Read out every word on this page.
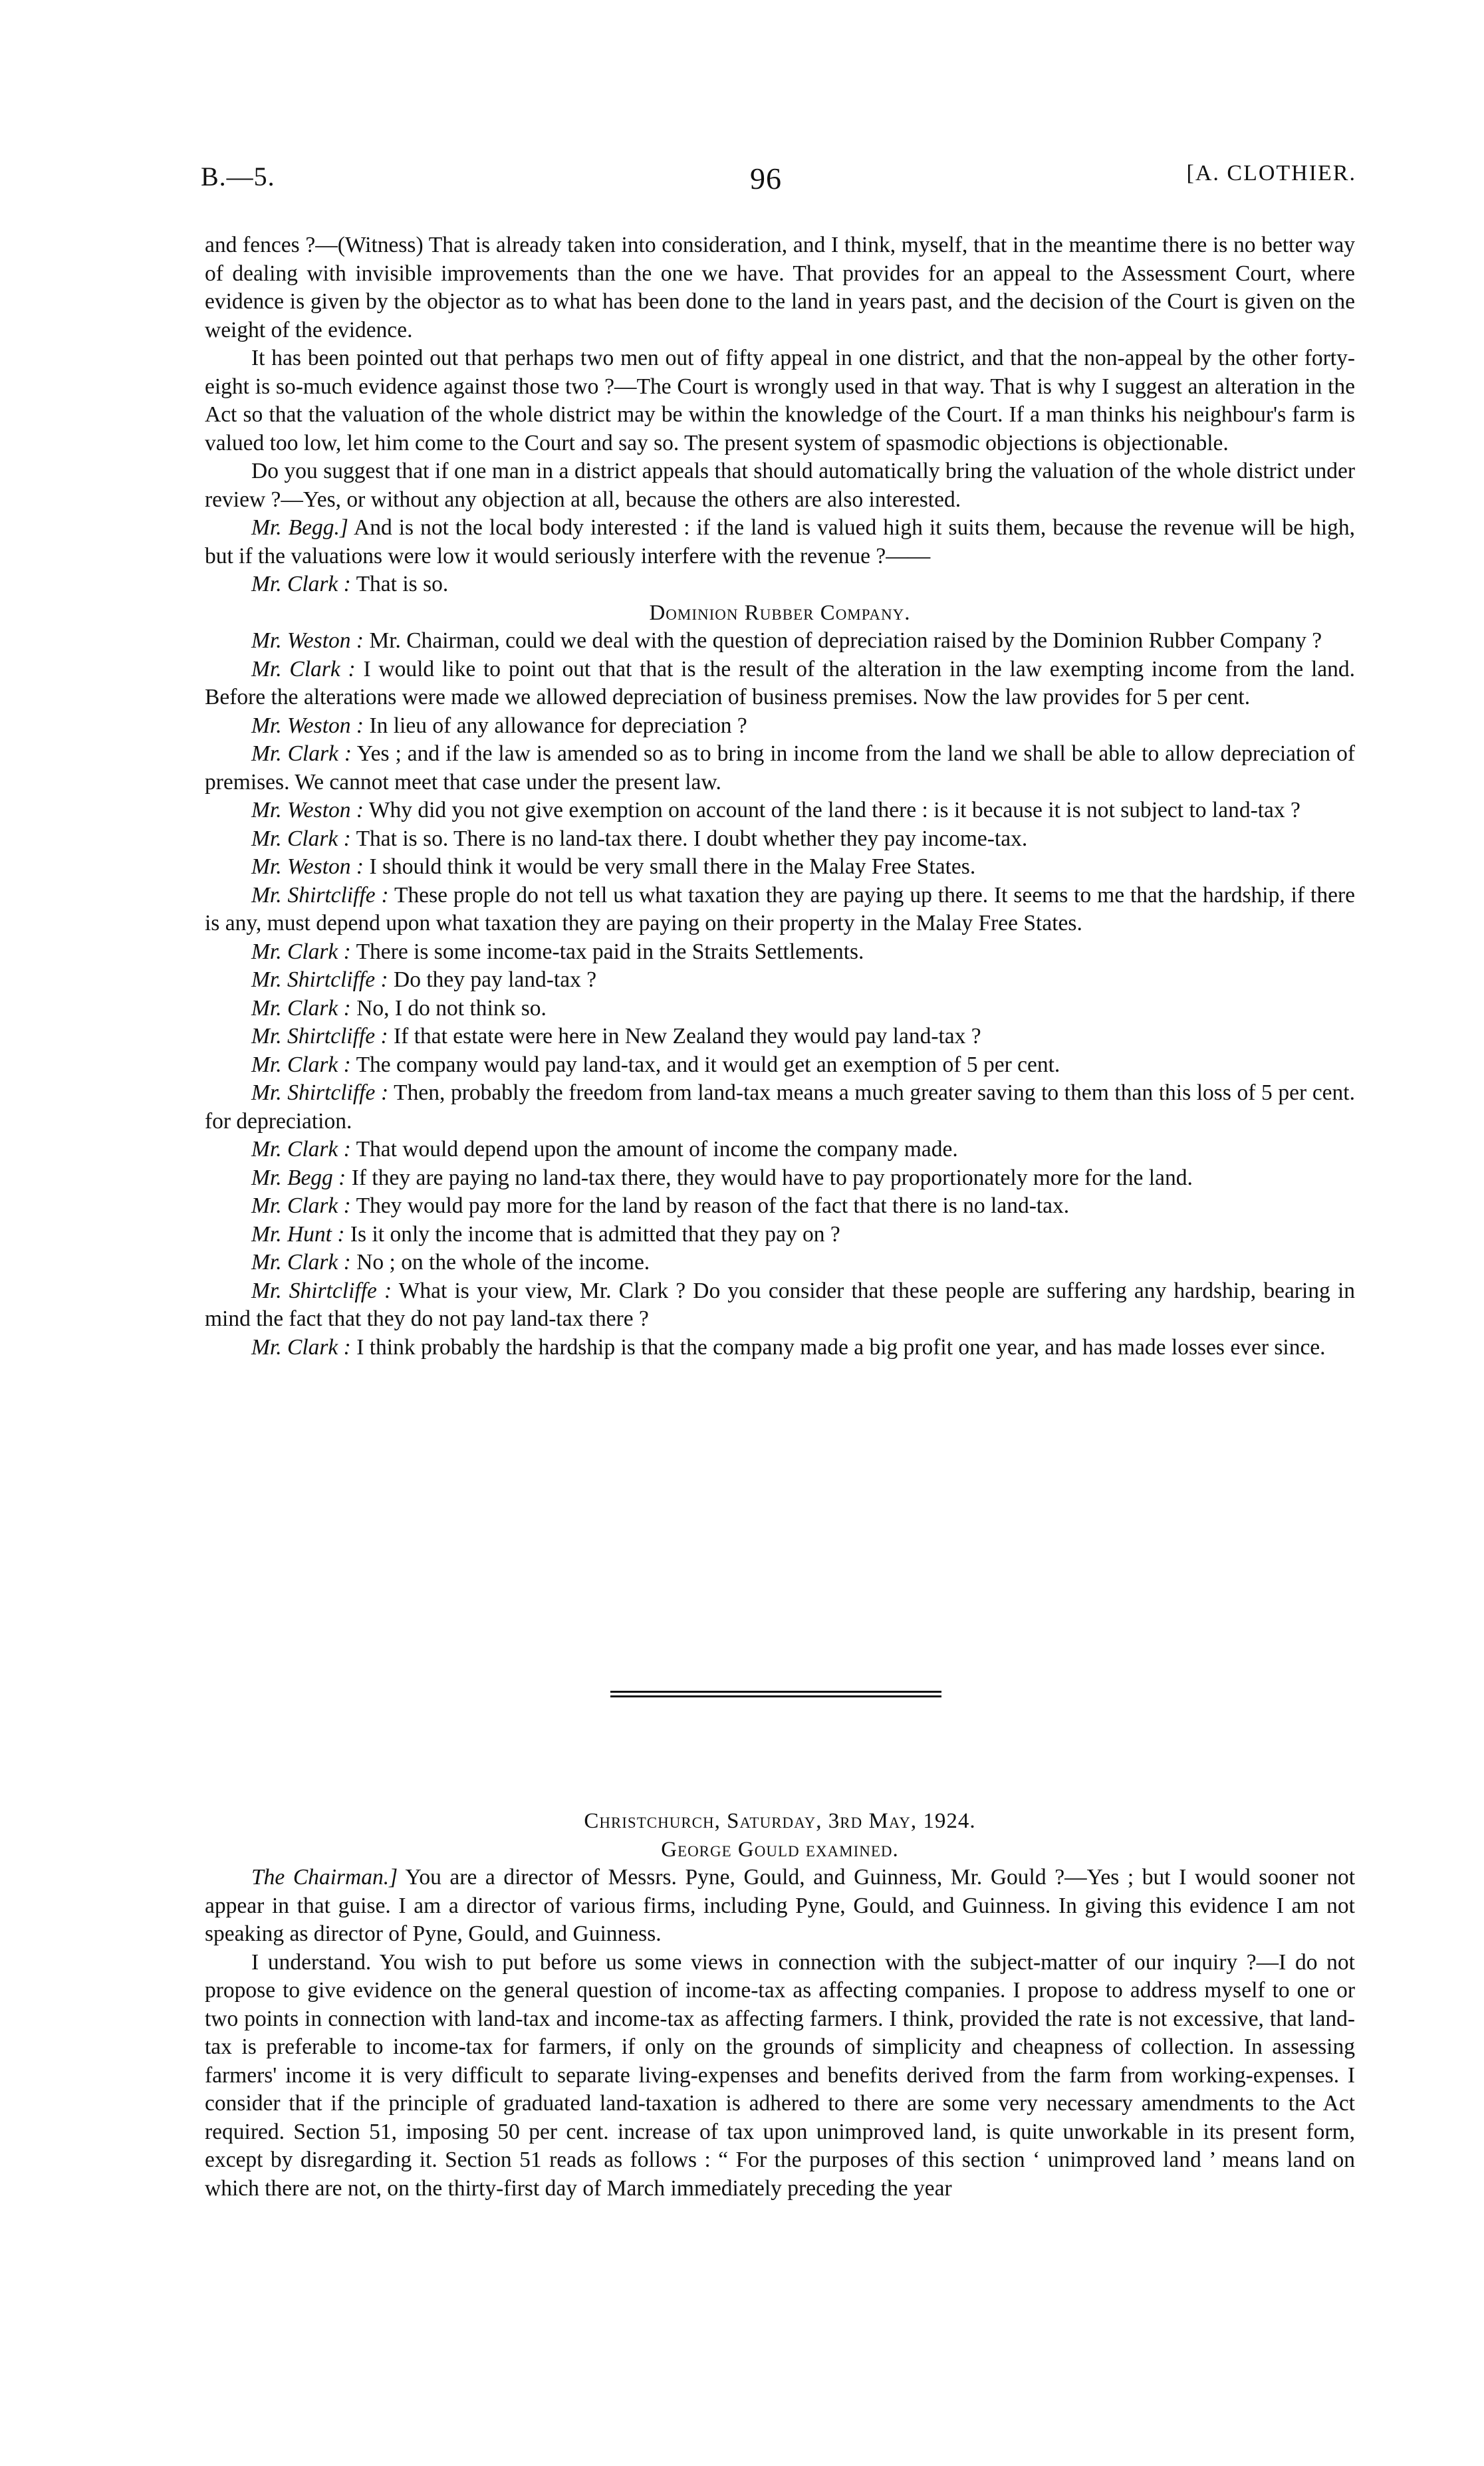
B.—5.	96	[A. CLOTHIER.

and fences ?—(Witness) That is already taken into consideration, and I think, myself, that in the meantime there is no better way of dealing with invisible improvements than the one we have. That provides for an appeal to the Assessment Court, where evidence is given by the objector as to what has been done to the land in years past, and the decision of the Court is given on the weight of the evidence.

It has been pointed out that perhaps two men out of fifty appeal in one district, and that the non-appeal by the other forty-eight is so-much evidence against those two ?—The Court is wrongly used in that way. That is why I suggest an alteration in the Act so that the valuation of the whole district may be within the knowledge of the Court. If a man thinks his neighbour's farm is valued too low, let him come to the Court and say so. The present system of spasmodic objections is objectionable.

Do you suggest that if one man in a district appeals that should automatically bring the valuation of the whole district under review ?—Yes, or without any objection at all, because the others are also interested.

Mr. Begg.] And is not the local body interested : if the land is valued high it suits them, because the revenue will be high, but if the valuations were low it would seriously interfere with the revenue ?——

Mr. Clark : That is so.

Dominion Rubber Company.

Mr. Weston : Mr. Chairman, could we deal with the question of depreciation raised by the Dominion Rubber Company ?

Mr. Clark : I would like to point out that that is the result of the alteration in the law exempting income from the land. Before the alterations were made we allowed depreciation of business premises. Now the law provides for 5 per cent.

Mr. Weston : In lieu of any allowance for depreciation ?

Mr. Clark : Yes ; and if the law is amended so as to bring in income from the land we shall be able to allow depreciation of premises. We cannot meet that case under the present law.

Mr. Weston : Why did you not give exemption on account of the land there : is it because it is not subject to land-tax ?

Mr. Clark : That is so. There is no land-tax there. I doubt whether they pay income-tax.

Mr. Weston : I should think it would be very small there in the Malay Free States.

Mr. Shirtcliffe : These prople do not tell us what taxation they are paying up there. It seems to me that the hardship, if there is any, must depend upon what taxation they are paying on their property in the Malay Free States.

Mr. Clark : There is some income-tax paid in the Straits Settlements.

Mr. Shirtcliffe : Do they pay land-tax ?

Mr. Clark : No, I do not think so.

Mr. Shirtcliffe : If that estate were here in New Zealand they would pay land-tax ?

Mr. Clark : The company would pay land-tax, and it would get an exemption of 5 per cent.

Mr. Shirtcliffe : Then, probably the freedom from land-tax means a much greater saving to them than this loss of 5 per cent. for depreciation.

Mr. Clark : That would depend upon the amount of income the company made.

Mr. Begg : If they are paying no land-tax there, they would have to pay proportionately more for the land.

Mr. Clark : They would pay more for the land by reason of the fact that there is no land-tax.

Mr. Hunt : Is it only the income that is admitted that they pay on ?

Mr. Clark : No ; on the whole of the income.

Mr. Shirtcliffe : What is your view, Mr. Clark ? Do you consider that these people are suffering any hardship, bearing in mind the fact that they do not pay land-tax there ?

Mr. Clark : I think probably the hardship is that the company made a big profit one year, and has made losses ever since.

Christchurch, Saturday, 3rd May, 1924.

George Gould examined.

The Chairman.] You are a director of Messrs. Pyne, Gould, and Guinness, Mr. Gould ?—Yes ; but I would sooner not appear in that guise. I am a director of various firms, including Pyne, Gould, and Guinness. In giving this evidence I am not speaking as director of Pyne, Gould, and Guinness.

I understand. You wish to put before us some views in connection with the subject-matter of our inquiry ?—I do not propose to give evidence on the general question of income-tax as affecting companies. I propose to address myself to one or two points in connection with land-tax and income-tax as affecting farmers. I think, provided the rate is not excessive, that land-tax is preferable to income-tax for farmers, if only on the grounds of simplicity and cheapness of collection. In assessing farmers' income it is very difficult to separate living-expenses and benefits derived from the farm from working-expenses. I consider that if the principle of graduated land-taxation is adhered to there are some very necessary amendments to the Act required. Section 51, imposing 50 per cent. increase of tax upon unimproved land, is quite unworkable in its present form, except by disregarding it. Section 51 reads as follows : “ For the purposes of this section ‘ unimproved land ’ means land on which there are not, on the thirty-first day of March immediately preceding the year
